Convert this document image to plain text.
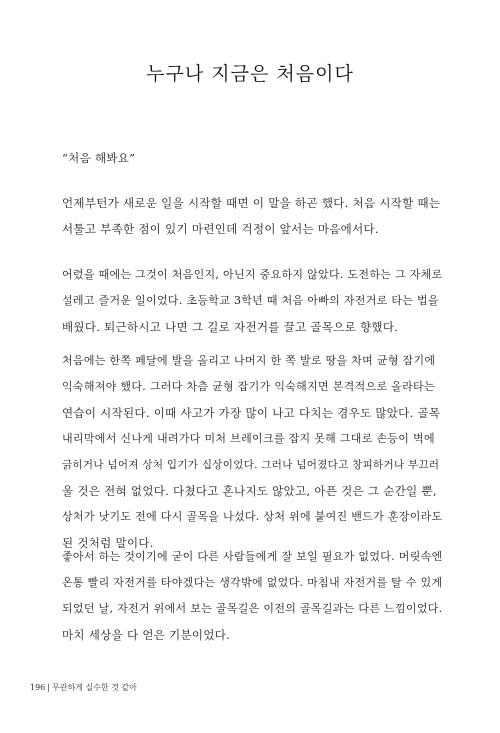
누구나 지금은 처음이다
“처음 해봐요”
언제부턴가 새로운 일을 시작할 때면 이 말을 하곤 했다. 처음 시작할 때는
서툴고 부족한 점이 있기 마련인데 걱정이 앞서는 마음에서다.
어렸을 때에는 그것이 처음인지, 아닌지 중요하지 않았다. 도전하는 그 자체로
설레고 즐거운 일이었다. 초등학교 3학년 때 처음 아빠의 자전거로 타는 법을
배웠다. 퇴근하시고 나면 그 길로 자전거를 끌고 골목으로 향했다.
처음에는 한쪽 페달에 발을 올리고 나머지 한 쪽 발로 땅을 차며 균형 잡기에
익숙해져야 했다. 그러다 차츰 균형 잡기가 익숙해지면 본격적으로 올라타는
연습이 시작된다. 이때 사고가 가장 많이 나고 다치는 경우도 많았다. 골목
내리막에서 신나게 내려가다 미처 브레이크를 잡지 못해 그대로 손등이 벽에
긁히거나 넘어져 상처 입기가 십상이었다. 그러나 넘어졌다고 창피하거나 부끄러
울 것은 전혀 없었다. 다쳤다고 혼나지도 않았고, 아픈 것은 그 순간일 뿐,
상처가 낫기도 전에 다시 골목을 나섰다. 상처 위에 붙여진 밴드가 훈장이라도
된 것처럼 말이다.
좋아서 하는 것이기에 굳이 다른 사람들에게 잘 보일 필요가 없었다. 머릿속엔
온통 빨리 자전거를 타야겠다는 생각밖에 없었다. 마침내 자전거를 탈 수 있게
되었던 날, 자전거 위에서 보는 골목길은 이전의 골목길과는 다른 느낌이었다.
마치 세상을 다 얻은 기분이었다.
196 | 무관하게 실수한 것 같아
